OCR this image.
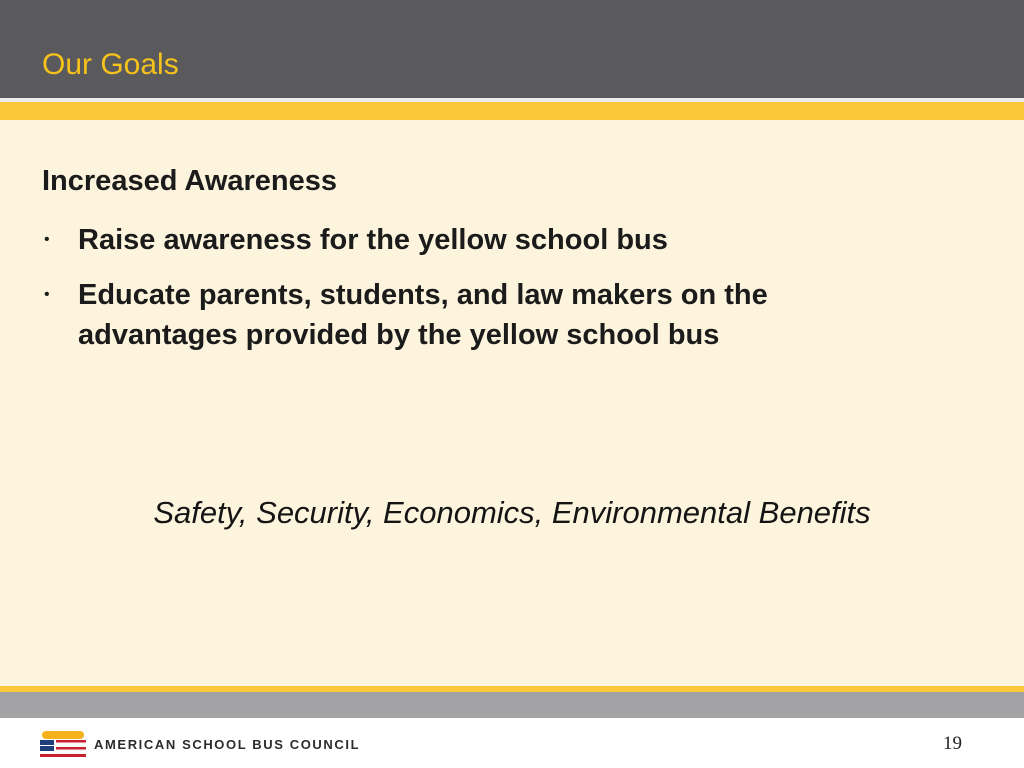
Our Goals
Increased Awareness
• Raise awareness for the yellow school bus
• Educate parents, students, and law makers on the advantages provided by the yellow school bus
Safety, Security, Economics, Environmental Benefits
AMERICAN SCHOOL BUS COUNCIL	19
